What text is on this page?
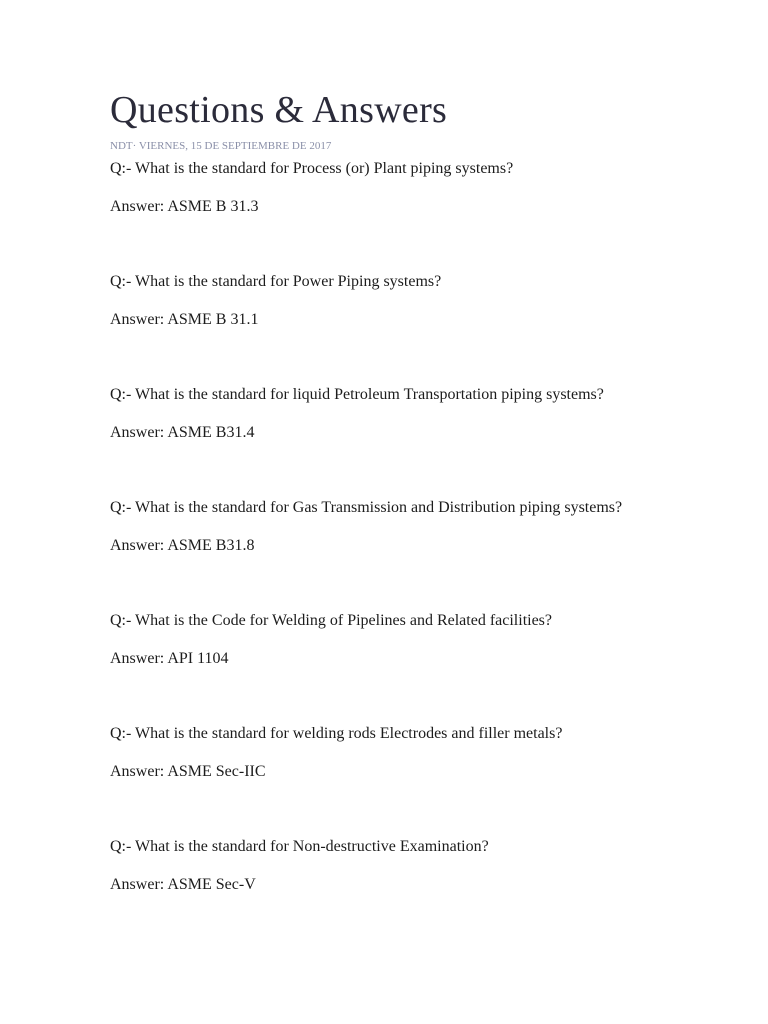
Questions & Answers
NDT· VIERNES, 15 DE SEPTIEMBRE DE 2017

Q:- What is the standard for Process (or) Plant piping systems?

Answer: ASME B 31.3

Q:- What is the standard for Power Piping systems?

Answer: ASME B 31.1

Q:- What is the standard for liquid Petroleum Transportation piping systems?

Answer: ASME B31.4

Q:- What is the standard for Gas Transmission and Distribution piping systems?

Answer: ASME B31.8

Q:- What is the Code for Welding of Pipelines and Related facilities?

Answer: API 1104

Q:- What is the standard for welding rods Electrodes and filler metals?

Answer: ASME Sec-IIC

Q:- What is the standard for Non-destructive Examination?

Answer: ASME Sec-V
